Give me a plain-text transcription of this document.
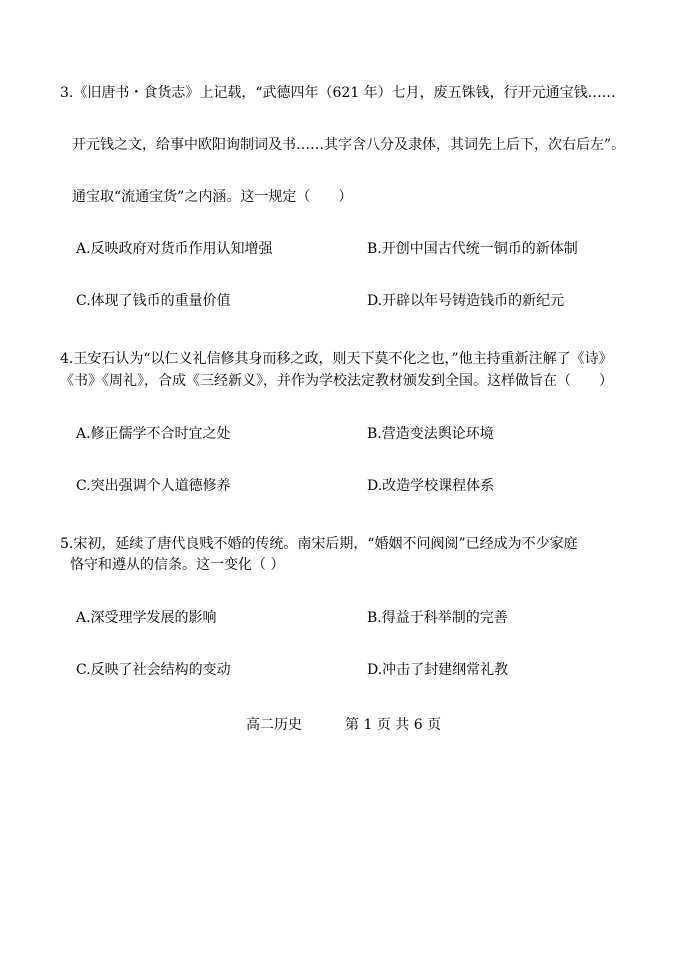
3.《旧唐书・食货志》上记载，“武德四年（621 年）七月，废五铢钱，行开元通宝钱……
开元钱之文，给事中欧阳询制词及书……其字含八分及隶体，其词先上后下，次右后左”。
通宝取“流通宝货”之内涵。这一规定（　　）
A.反映政府对货币作用认知增强	B.开创中国古代统一铜币的新体制
C.体现了钱币的重量价值	D.开辟以年号铸造钱币的新纪元
4.王安石认为“以仁义礼信修其身而移之政，则天下莫不化之也，”他主持重新注解了《诗》
《书》《周礼》，合成《三经新义》，并作为学校法定教材颁发到全国。这样做旨在（　　）
A.修正儒学不合时宜之处	B.营造变法舆论环境
C.突出强调个人道德修养	D.改造学校课程体系
5.宋初，延续了唐代良贱不婚的传统。南宋后期，“婚姻不问阀阅”已经成为不少家庭
恪守和遵从的信条。这一变化（ ）
A.深受理学发展的影响	B.得益于科举制的完善
C.反映了社会结构的变动	D.冲击了封建纲常礼教
高二历史	第 1 页 共 6 页
